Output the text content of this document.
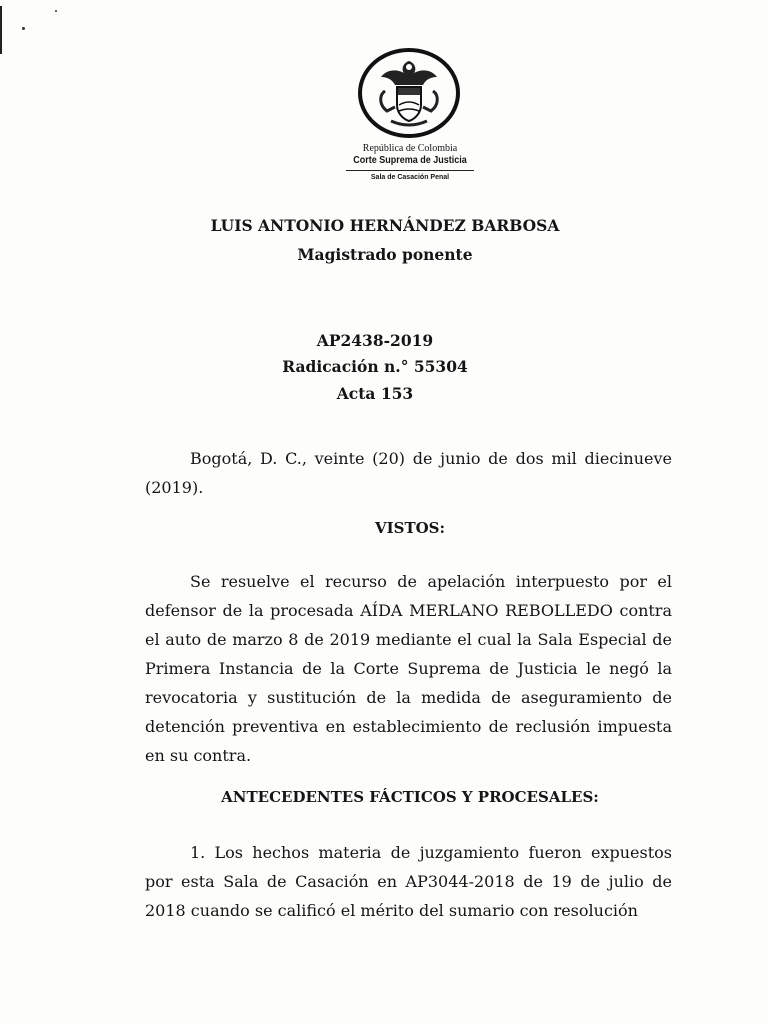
República de Colombia
Corte Suprema de Justicia
Sala de Casación Penal
LUIS ANTONIO HERNÁNDEZ BARBOSA
Magistrado ponente
AP2438-2019
Radicación n.° 55304
Acta 153
Bogotá, D. C., veinte (20) de junio de dos mil diecinueve (2019).
VISTOS:
Se resuelve el recurso de apelación interpuesto por el defensor de la procesada AÍDA MERLANO REBOLLEDO contra el auto de marzo 8 de 2019 mediante el cual la Sala Especial de Primera Instancia de la Corte Suprema de Justicia le negó la revocatoria y sustitución de la medida de aseguramiento de detención preventiva en establecimiento de reclusión impuesta en su contra.
ANTECEDENTES FÁCTICOS Y PROCESALES:
1. Los hechos materia de juzgamiento fueron expuestos por esta Sala de Casación en AP3044-2018 de 19 de julio de 2018 cuando se calificó el mérito del sumario con resolución
